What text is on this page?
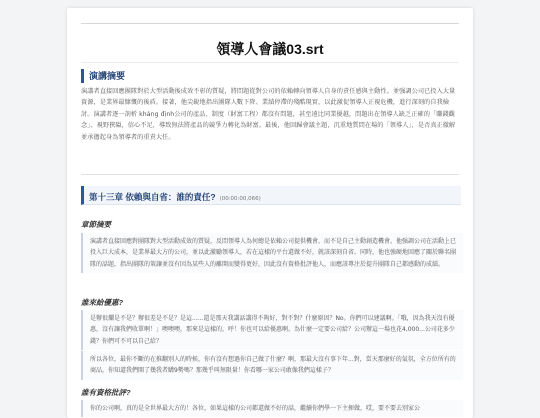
領導人會議03.srt
演講摘要
演講者直接回應團隊對於大型活動後成效不彰的質疑，將問題從對公司的依賴轉向領導人自身的責任感與主動性。並强調公司已投入大量資源，是業界最慷慨的後盾。接著，他尖銳地指出團隊人數下降、業績停滯的殘酷現實，以此激促領導人正視危機，進行深刻的自我檢討。演講者逐一剖析 khảng định公司的產品、制度（財富工程）都沒有問題，甚至遠比同業優越，問題出在領導人缺乏正確的「賺錢觀念」、視野狹隘，信心不足，導致無法將產品的競爭力轉化為財富。最後，他回歸會議主題，沉重地質問在場的「領導人」，是否真正徹解並承擔起身為領導者的重責大任。
第十三章 依賴與自省：誰的責任? (00:00:00,066)
章節摘要
演講者直接回應對團隊對大型活動成效的質疑，反問領導人為何總是依賴公司提供機會，而不是自己主動創造機會。他强調公司在活動上已投入巨大成本，是業界最大方的公司，並以此激勵領導人，若在這樣的平台還做不好，就該深刻自省。同時，他也強硬地回應了關於聯名團隊的話題，指出團隊的策讓並沒有因為某些人的離開而變得更好，因此沒有資格批評他人，而應該專注於提升團隊自己都感動的成績。
誰來給優惠?
是辦很爛是不是？辦很差是不是？是這......還是那天我講話講得不夠好，對不對？什麼原因？No。你們可以建議啊。「哦，因為我天沒有優惠，沒有讓我們收單啊！」噢噢噢，那來是這樣的，呼！你也可以給優惠啊。為什麼一定要公司給？公司辦這一場也花4,000...公司花多少錢？你們可不可以自己給？
所以各位，最你不斷的在推翻別人的時候，你有沒有想過你自己做了什麼？啊，那最大沒有事下年...對，當天那麼好的氣氛，全方位所有的商品，你知道我們開了幾我者購9勢嗎？那幾乎叫無限量！你看哪一家公司敢像我們這樣子？
誰有資格批評?
你的公司啊，真的是全世界最大方的！各位，如果這樣的公司都還做不好的話，繼續你們學一下主揮做，哎，要不要去別家公
